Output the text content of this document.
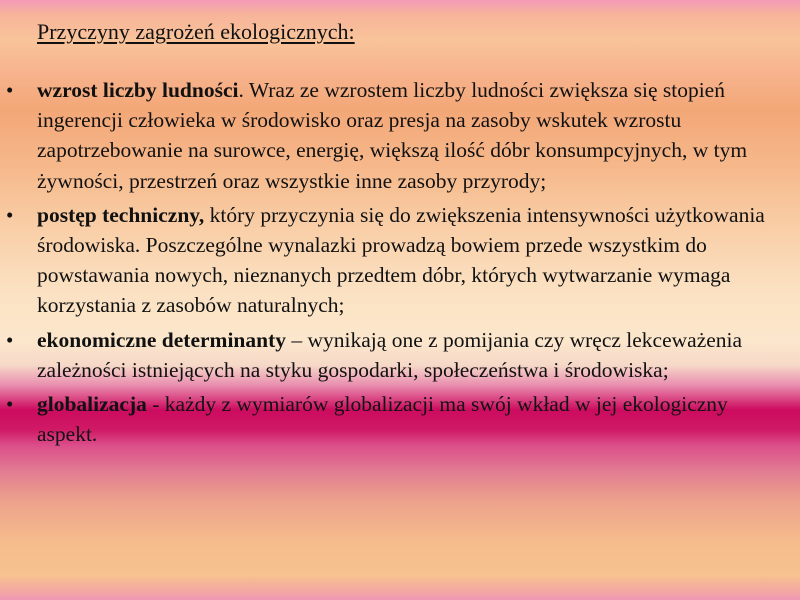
Przyczyny zagrożeń ekologicznych:
• wzrost liczby ludności. Wraz ze wzrostem liczby ludności zwiększa się stopień ingerencji człowieka w środowisko oraz presja na zasoby wskutek wzrostu zapotrzebowanie na surowce, energię, większą ilość dóbr konsumpcyjnych, w tym żywności, przestrzeń oraz wszystkie inne zasoby przyrody;
• postęp techniczny, który przyczynia się do zwiększenia intensywności użytkowania środowiska. Poszczególne wynalazki prowadzą bowiem przede wszystkim do powstawania nowych, nieznanych przedtem dóbr, których wytwarzanie wymaga korzystania z zasobów naturalnych;
• ekonomiczne determinanty – wynikają one z pomijania czy wręcz lekceważenia zależności istniejących na styku gospodarki, społeczeństwa i środowiska;
• globalizacja - każdy z wymiarów globalizacji ma swój wkład w jej ekologiczny aspekt.
